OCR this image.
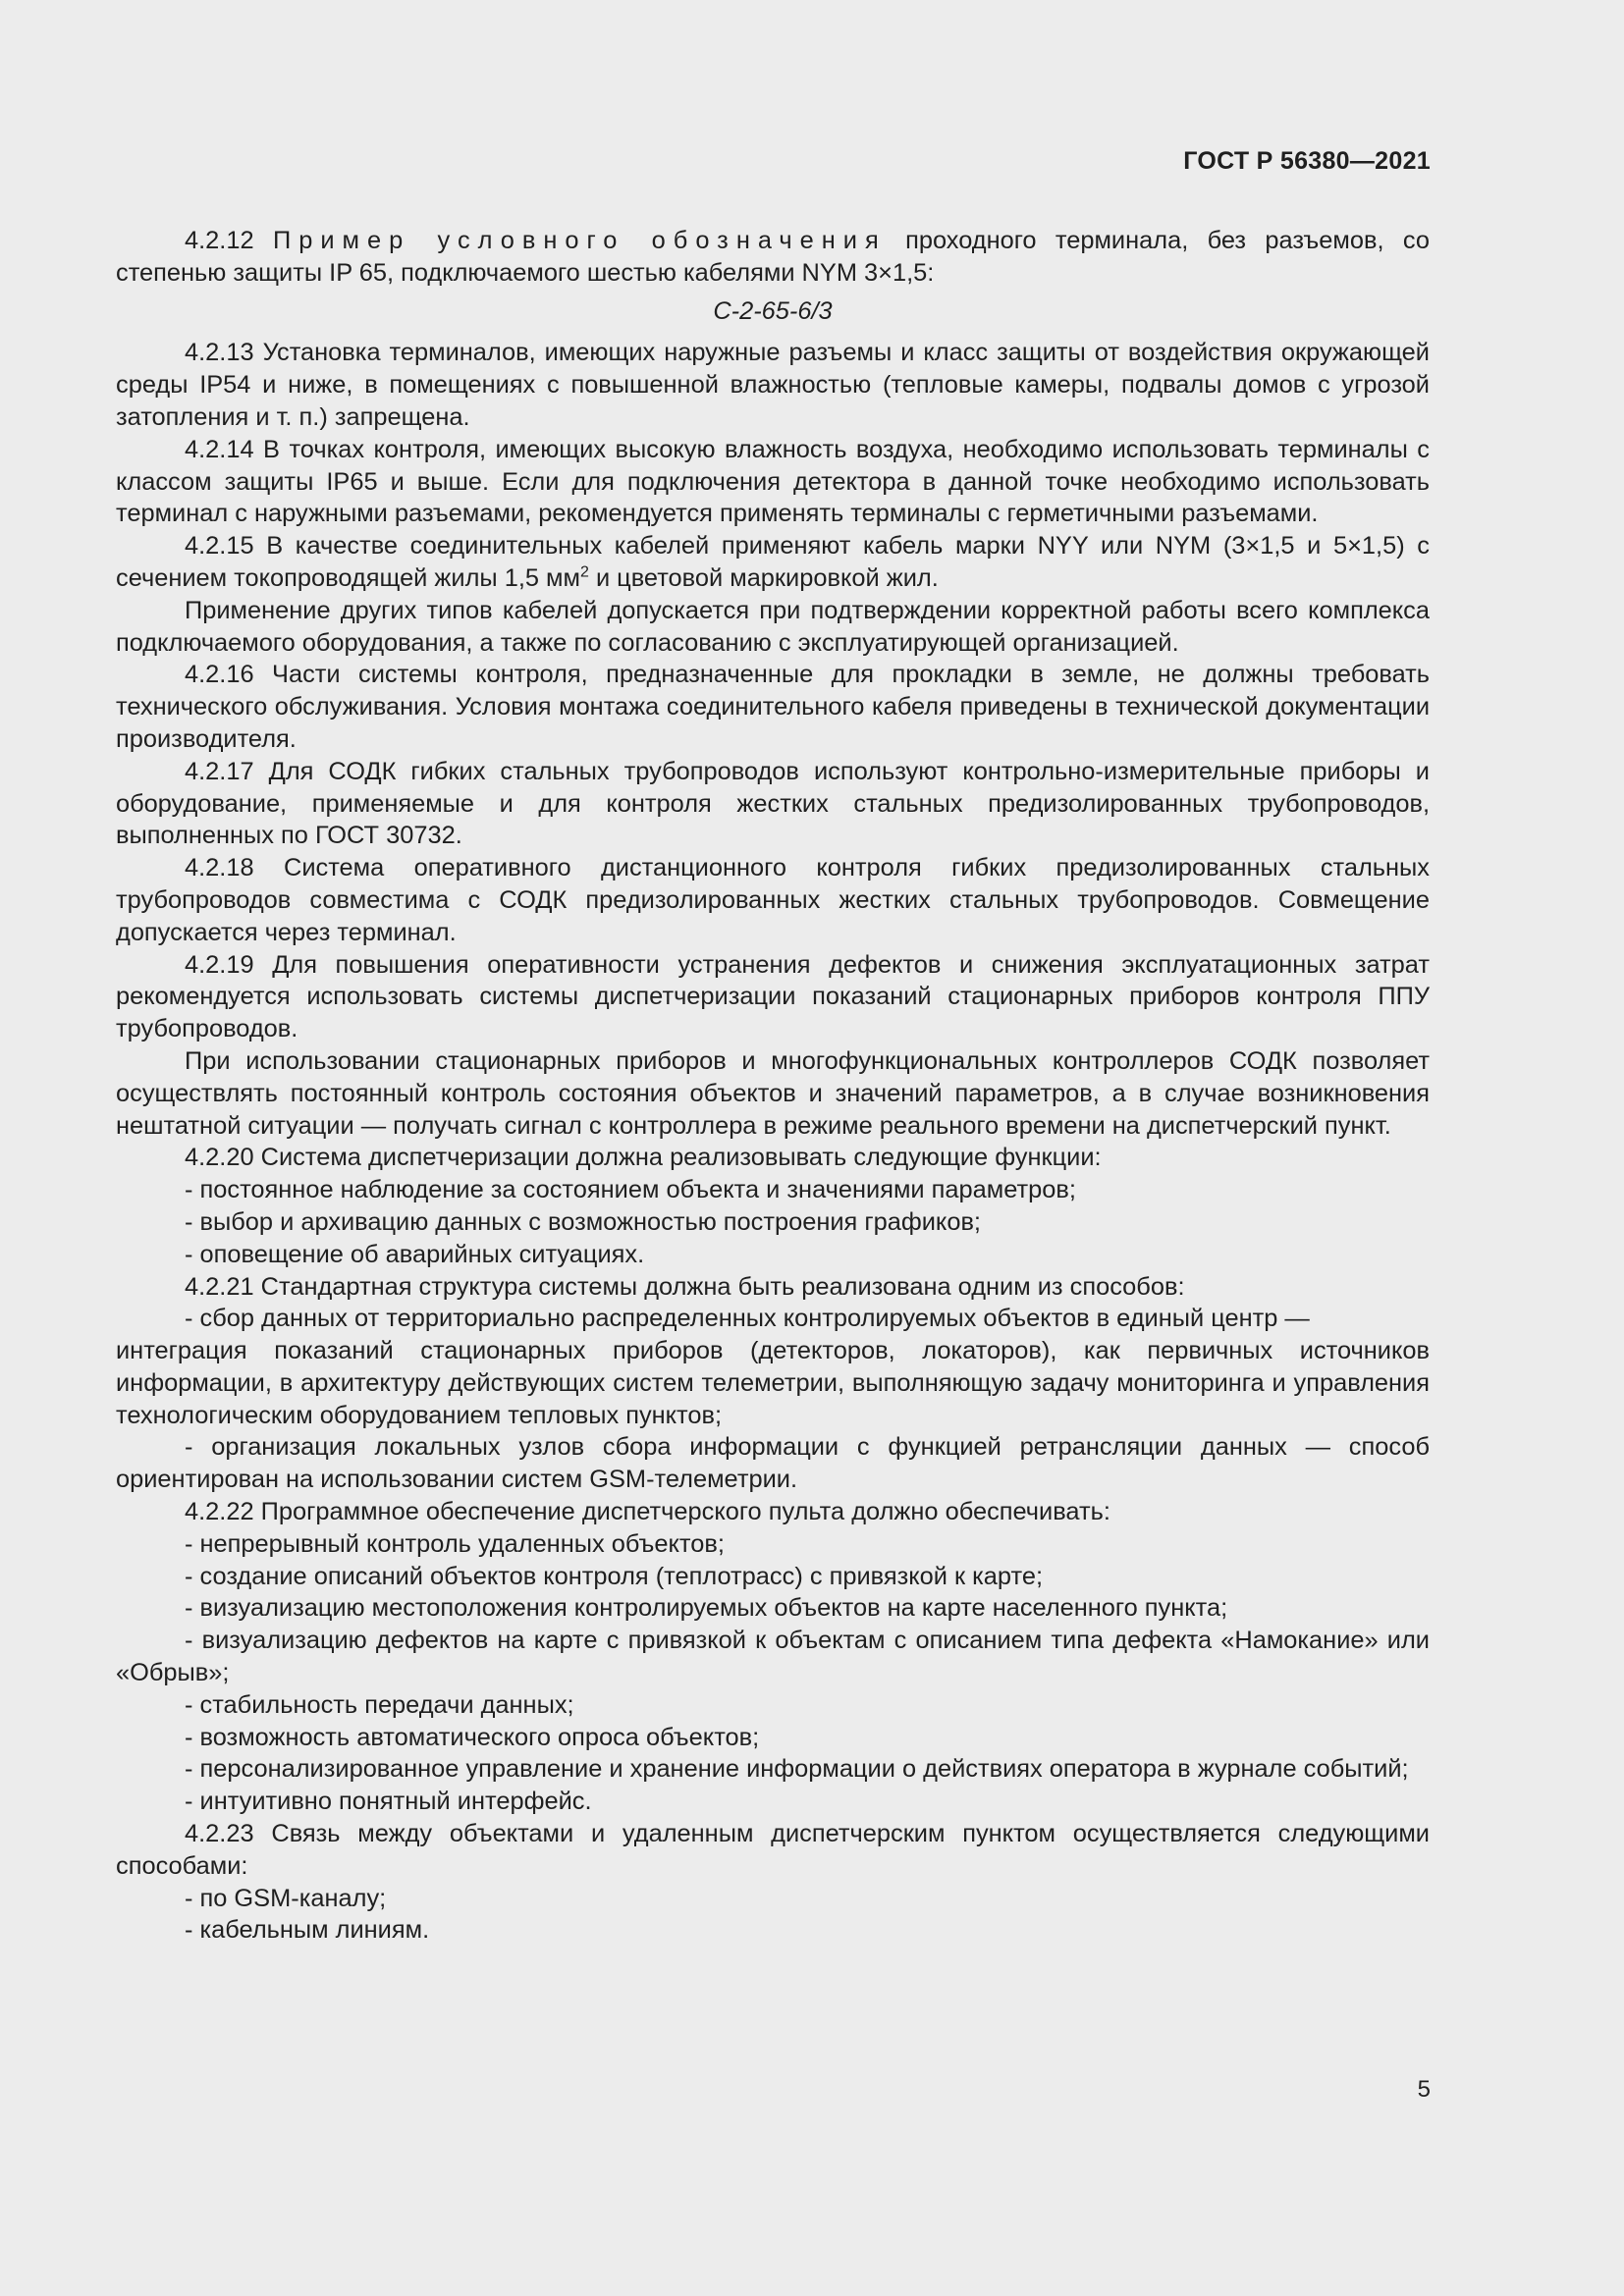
ГОСТ Р 56380—2021

4.2.12 Пример условного обозначения проходного терминала, без разъемов, со степенью защиты IP 65, подключаемого шестью кабелями NYM 3×1,5:

С-2-65-6/3

4.2.13 Установка терминалов, имеющих наружные разъемы и класс защиты от воздействия окружающей среды IP54 и ниже, в помещениях с повышенной влажностью (тепловые камеры, подвалы домов с угрозой затопления и т. п.) запрещена.

4.2.14 В точках контроля, имеющих высокую влажность воздуха, необходимо использовать терминалы с классом защиты IP65 и выше. Если для подключения детектора в данной точке необходимо использовать терминал с наружными разъемами, рекомендуется применять терминалы с герметичными разъемами.

4.2.15 В качестве соединительных кабелей применяют кабель марки NYY или NYM (3×1,5 и 5×1,5) с сечением токопроводящей жилы 1,5 $мм^2$ и цветовой маркировкой жил.

Применение других типов кабелей допускается при подтверждении корректной работы всего комплекса подключаемого оборудования, а также по согласованию с эксплуатирующей организацией.

4.2.16 Части системы контроля, предназначенные для прокладки в земле, не должны требовать технического обслуживания. Условия монтажа соединительного кабеля приведены в технической документации производителя.

4.2.17 Для СОДК гибких стальных трубопроводов используют контрольно-измерительные приборы и оборудование, применяемые и для контроля жестких стальных предизолированных трубопроводов, выполненных по ГОСТ 30732.

4.2.18 Система оперативного дистанционного контроля гибких предизолированных стальных трубопроводов совместима с СОДК предизолированных жестких стальных трубопроводов. Совмещение допускается через терминал.

4.2.19 Для повышения оперативности устранения дефектов и снижения эксплуатационных затрат рекомендуется использовать системы диспетчеризации показаний стационарных приборов контроля ППУ трубопроводов.

При использовании стационарных приборов и многофункциональных контроллеров СОДК позволяет осуществлять постоянный контроль состояния объектов и значений параметров, а в случае возникновения нештатной ситуации — получать сигнал с контроллера в режиме реального времени на диспетчерский пункт.

4.2.20 Система диспетчеризации должна реализовывать следующие функции:

- постоянное наблюдение за состоянием объекта и значениями параметров;

- выбор и архивацию данных с возможностью построения графиков;

- оповещение об аварийных ситуациях.

4.2.21 Стандартная структура системы должна быть реализована одним из способов:

- сбор данных от территориально распределенных контролируемых объектов в единый центр —

интеграция показаний стационарных приборов (детекторов, локаторов), как первичных источников информации, в архитектуру действующих систем телеметрии, выполняющую задачу мониторинга и управления технологическим оборудованием тепловых пунктов;

- организация локальных узлов сбора информации с функцией ретрансляции данных — способ ориентирован на использовании систем GSM-телеметрии.

4.2.22 Программное обеспечение диспетчерского пульта должно обеспечивать:

- непрерывный контроль удаленных объектов;

- создание описаний объектов контроля (теплотрасс) с привязкой к карте;

- визуализацию местоположения контролируемых объектов на карте населенного пункта;

- визуализацию дефектов на карте с привязкой к объектам с описанием типа дефекта «Намокание» или «Обрыв»;

- стабильность передачи данных;

- возможность автоматического опроса объектов;

- персонализированное управление и хранение информации о действиях оператора в журнале событий;

- интуитивно понятный интерфейс.

4.2.23 Связь между объектами и удаленным диспетчерским пунктом осуществляется следующими способами:

- по GSM-каналу;

- кабельным линиям.

5
